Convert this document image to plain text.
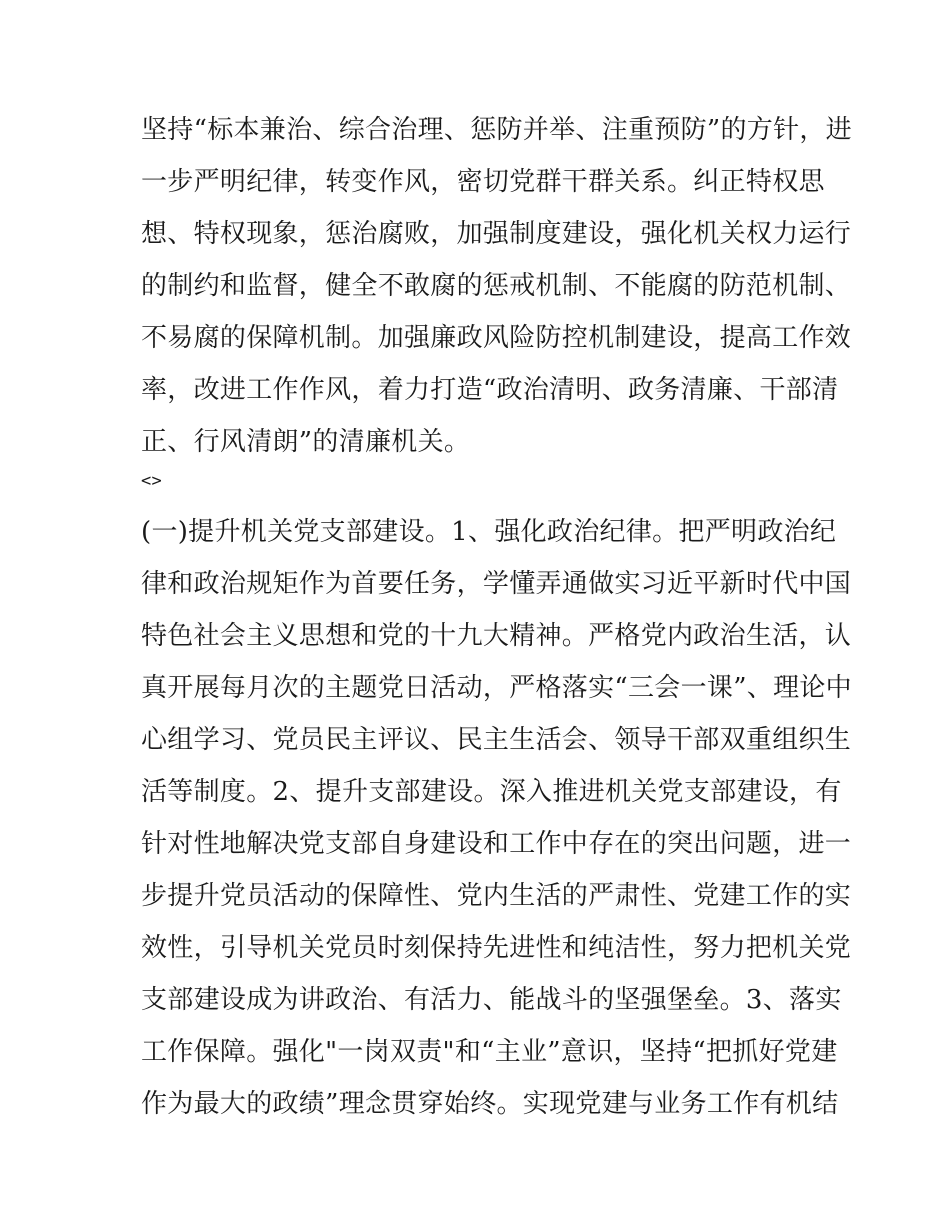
坚持“标本兼治、综合治理、惩防并举、注重预防”的方针，进
一步严明纪律，转变作风，密切党群干群关系。纠正特权思
想、特权现象，惩治腐败，加强制度建设，强化机关权力运行
的制约和监督，健全不敢腐的惩戒机制、不能腐的防范机制、
不易腐的保障机制。加强廉政风险防控机制建设，提高工作效
率，改进工作作风，着力打造“政治清明、政务清廉、干部清
正、行风清朗”的清廉机关。
<>
(一)提升机关党支部建设。1、强化政治纪律。把严明政治纪
律和政治规矩作为首要任务，学懂弄通做实习近平新时代中国
特色社会主义思想和党的十九大精神。严格党内政治生活，认
真开展每月次的主题党日活动，严格落实“三会一课”、理论中
心组学习、党员民主评议、民主生活会、领导干部双重组织生
活等制度。2、提升支部建设。深入推进机关党支部建设，有
针对性地解决党支部自身建设和工作中存在的突出问题，进一
步提升党员活动的保障性、党内生活的严肃性、党建工作的实
效性，引导机关党员时刻保持先进性和纯洁性，努力把机关党
支部建设成为讲政治、有活力、能战斗的坚强堡垒。3、落实
工作保障。强化"一岗双责"和“主业”意识，坚持“把抓好党建
作为最大的政绩”理念贯穿始终。实现党建与业务工作有机结
